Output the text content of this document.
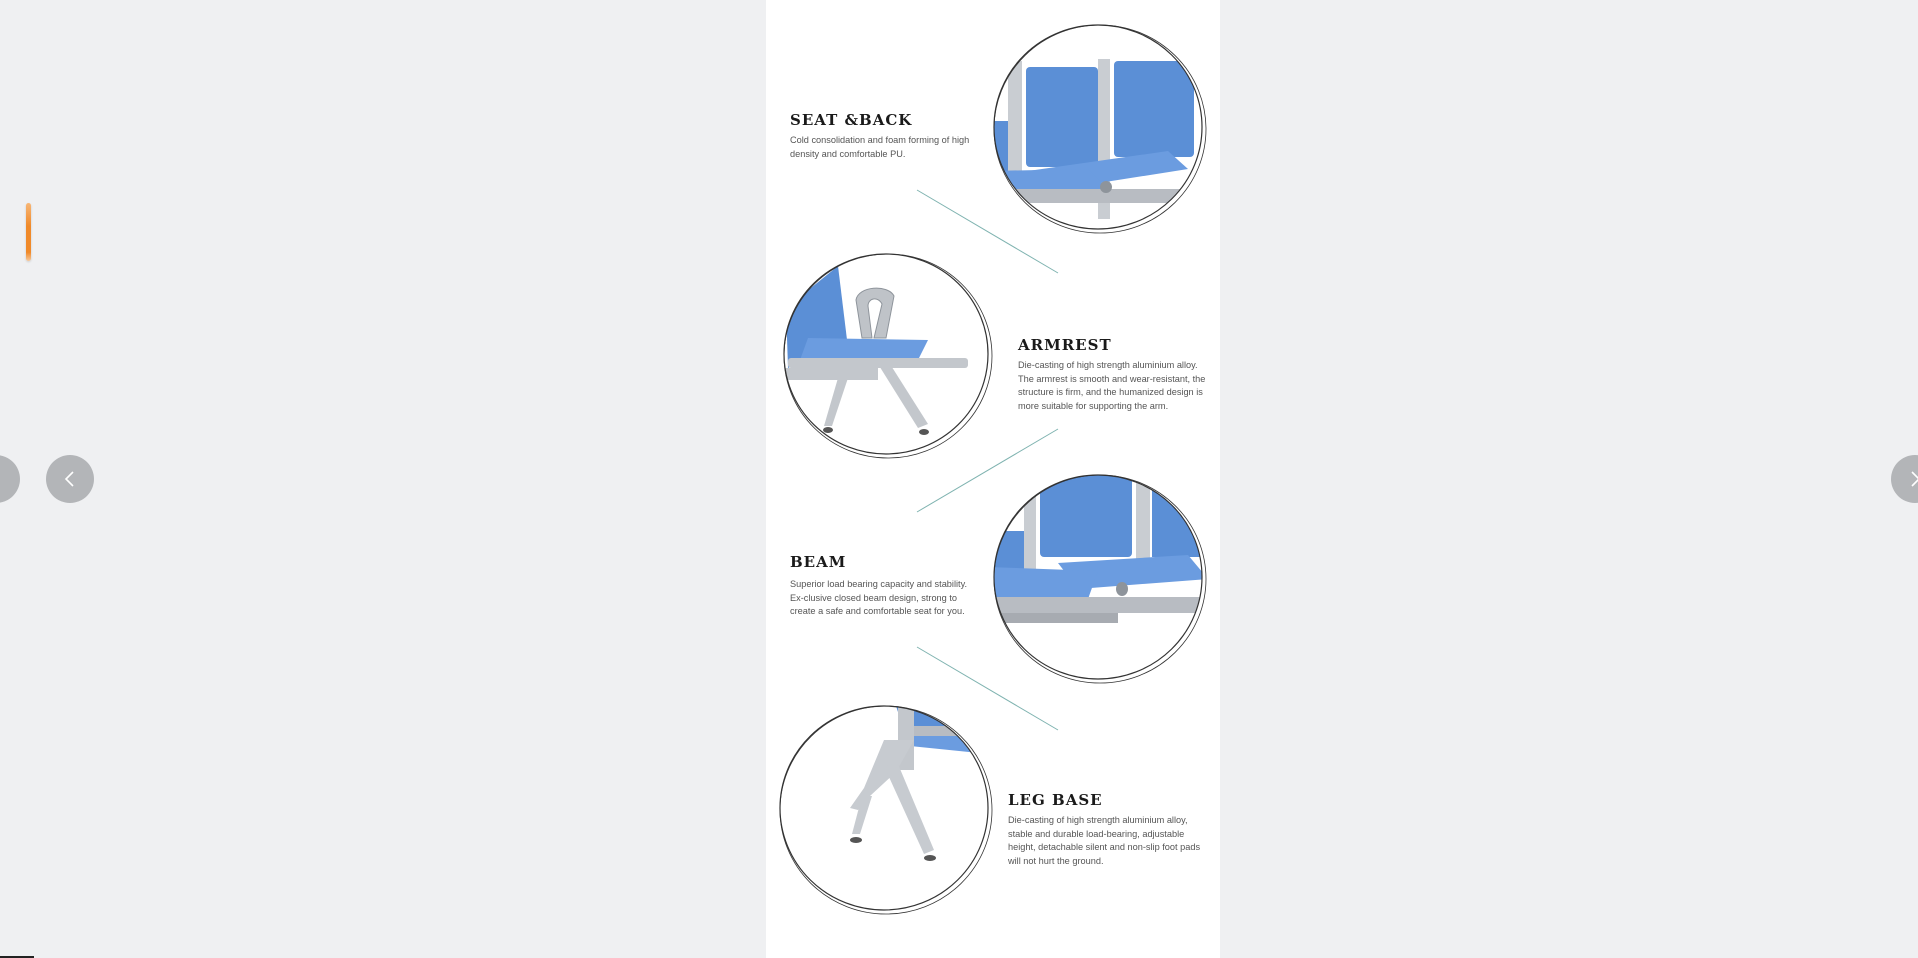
SEAT &BACK

Cold consolidation and foam forming of high density and comfortable PU.

ARMREST

Die-casting of high strength aluminium alloy. The armrest is smooth and wear-resistant, the structure is firm, and the humanized design is more suitable for supporting the arm.

BEAM

Superior load bearing capacity and stability. Ex-clusive closed beam design, strong to create a safe and comfortable seat for you.

LEG BASE

Die-casting of high strength aluminium alloy, stable and durable load-bearing, adjustable height, detachable silent and non-slip foot pads will not hurt the ground.
